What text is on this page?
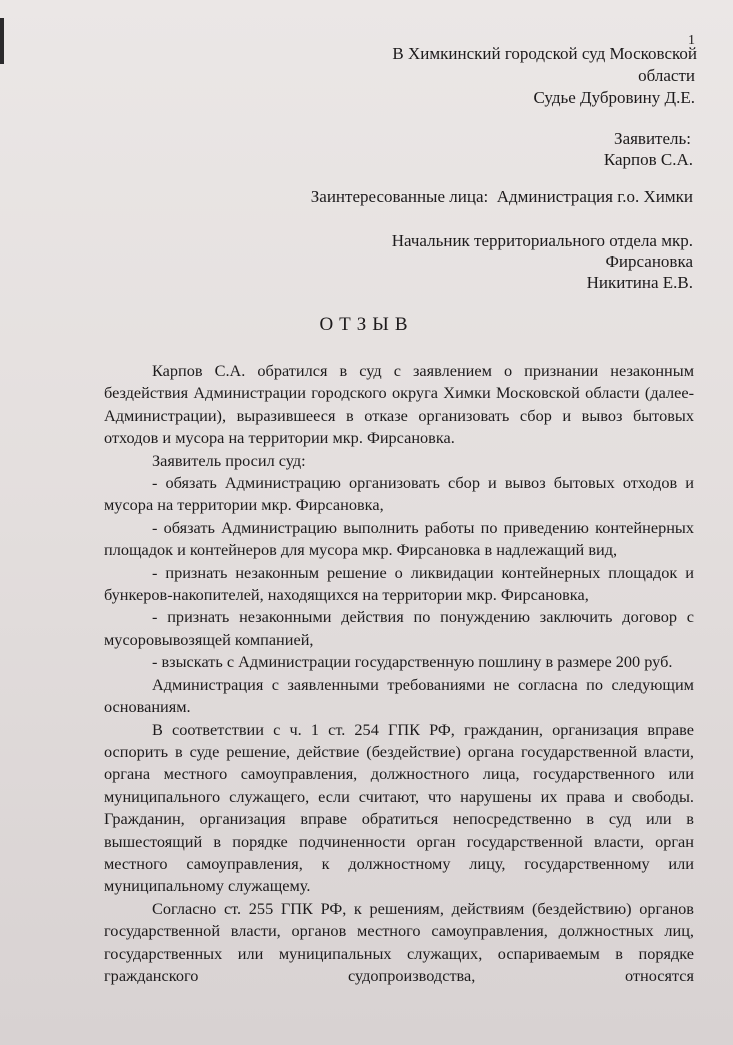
1
В Химкинский городской суд Московской
области
Судье Дубровину Д.Е.
Заявитель:
Карпов С.А.
Заинтересованные лица: Администрация г.о. Химки
Начальник территориального отдела мкр.
Фирсановка
Никитина Е.В.
ОТЗЫВ

Карпов С.А. обратился в суд с заявлением о признании незаконным бездействия Администрации городского округа Химки Московской области (далее- Администрации), выразившееся в отказе организовать сбор и вывоз бытовых отходов и мусора на территории мкр. Фирсановка.

Заявитель просил суд:

- обязать Администрацию организовать сбор и вывоз бытовых отходов и мусора на территории мкр. Фирсановка,

- обязать Администрацию выполнить работы по приведению контейнерных площадок и контейнеров для мусора мкр. Фирсановка в надлежащий вид,

- признать незаконным решение о ликвидации контейнерных площадок и бункеров-накопителей, находящихся на территории мкр. Фирсановка,

- признать незаконными действия по понуждению заключить договор с мусоровывозящей компанией,

- взыскать с Администрации государственную пошлину в размере 200 руб.

Администрация с заявленными требованиями не согласна по следующим основаниям.

В соответствии с ч. 1 ст. 254 ГПК РФ, гражданин, организация вправе оспорить в суде решение, действие (бездействие) органа государственной власти, органа местного самоуправления, должностного лица, государственного или муниципального служащего, если считают, что нарушены их права и свободы. Гражданин, организация вправе обратиться непосредственно в суд или в вышестоящий в порядке подчиненности орган государственной власти, орган местного самоуправления, к должностному лицу, государственному или муниципальному служащему.

Согласно ст. 255 ГПК РФ, к решениям, действиям (бездействию) органов государственной власти, органов местного самоуправления, должностных лиц, государственных или муниципальных служащих, оспариваемым в порядке гражданского судопроизводства, относятся
